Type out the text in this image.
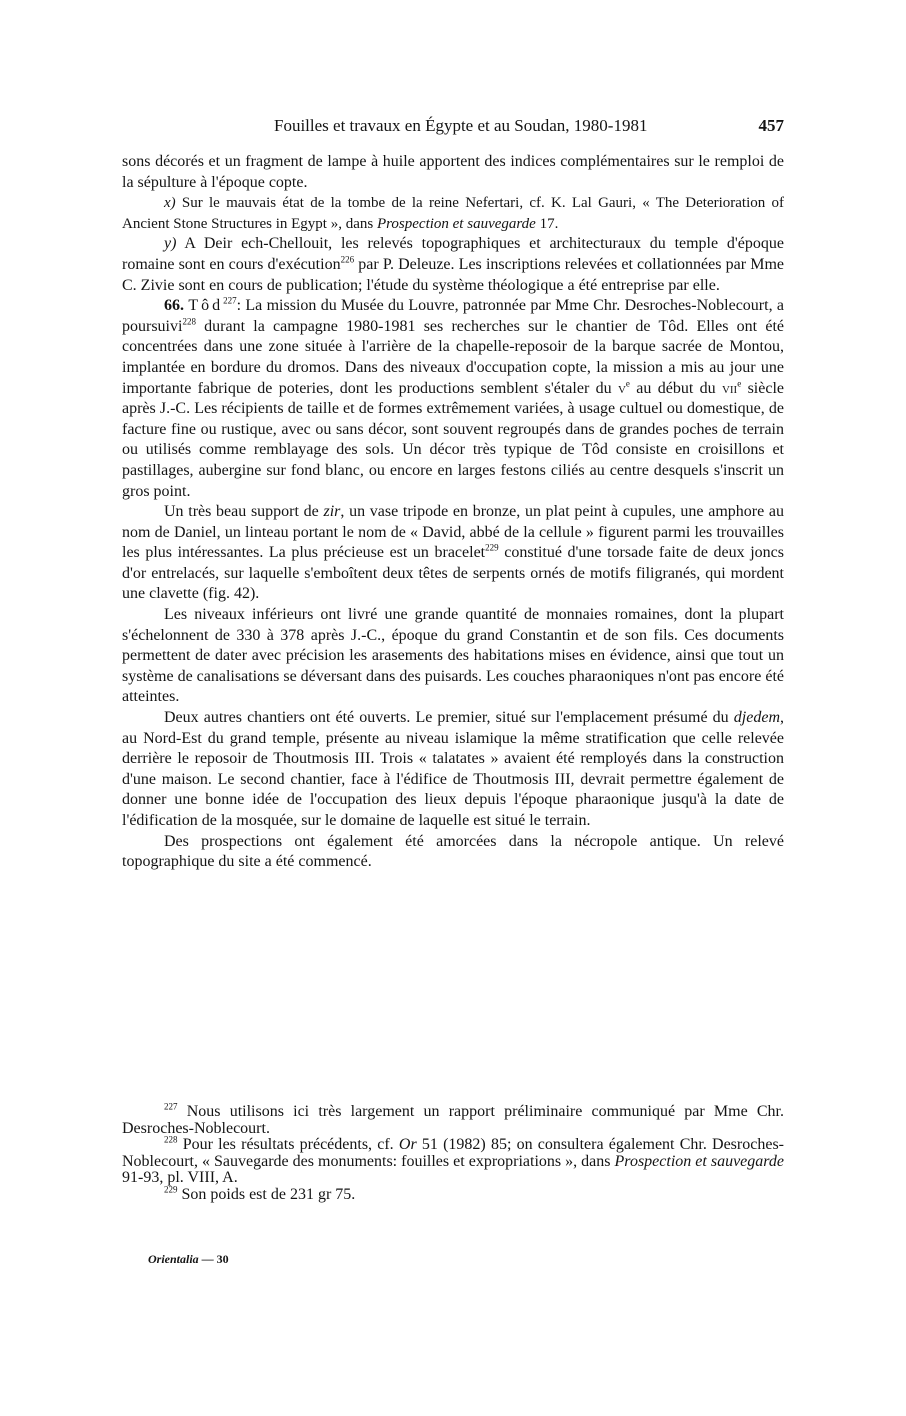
Fouilles et travaux en Égypte et au Soudan, 1980-1981	457

sons décorés et un fragment de lampe à huile apportent des indices complémentaires sur le remploi de la sépulture à l'époque copte.

x) Sur le mauvais état de la tombe de la reine Nefertari, cf. K. Lal Gauri, « The Deterioration of Ancient Stone Structures in Egypt », dans Prospection et sauvegarde 17.

y) A Deir ech-Chellouit, les relevés topographiques et architecturaux du temple d'époque romaine sont en cours d'exécution$^{226}$ par P. Deleuze. Les inscriptions relevées et collationnées par Mme C. Zivie sont en cours de publication; l'étude du système théologique a été entreprise par elle.

66. Tôd$^{227}$: La mission du Musée du Louvre, patronnée par Mme Chr. Desroches-Noblecourt, a poursuivi$^{228}$ durant la campagne 1980-1981 ses recherches sur le chantier de Tôd. Elles ont été concentrées dans une zone située à l'arrière de la chapelle-reposoir de la barque sacrée de Montou, implantée en bordure du dromos. Dans des niveaux d'occupation copte, la mission a mis au jour une importante fabrique de poteries, dont les productions semblent s'étaler du $v^e$ au début du vii$^e$ siècle après J.-C. Les récipients de taille et de formes extrêmement variées, à usage cultuel ou domestique, de facture fine ou rustique, avec ou sans décor, sont souvent regroupés dans de grandes poches de terrain ou utilisés comme remblayage des sols. Un décor très typique de Tôd consiste en croisillons et pastillages, aubergine sur fond blanc, ou encore en larges festons ciliés au centre desquels s'inscrit un gros point.

Un très beau support de zir, un vase tripode en bronze, un plat peint à cupules, une amphore au nom de Daniel, un linteau portant le nom de « David, abbé de la cellule » figurent parmi les trouvailles les plus intéressantes. La plus précieuse est un bracelet$^{229}$ constitué d'une torsade faite de deux joncs d'or entrelacés, sur laquelle s'emboîtent deux têtes de serpents ornés de motifs filigranés, qui mordent une clavette (fig. 42).

Les niveaux inférieurs ont livré une grande quantité de monnaies romaines, dont la plupart s'échelonnent de 330 à 378 après J.-C., époque du grand Constantin et de son fils. Ces documents permettent de dater avec précision les arasements des habitations mises en évidence, ainsi que tout un système de canalisations se déversant dans des puisards. Les couches pharaoniques n'ont pas encore été atteintes.

Deux autres chantiers ont été ouverts. Le premier, situé sur l'emplacement présumé du djedem, au Nord-Est du grand temple, présente au niveau islamique la même stratification que celle relevée derrière le reposoir de Thoutmosis III. Trois « talatates » avaient été remployés dans la construction d'une maison. Le second chantier, face à l'édifice de Thoutmosis III, devrait permettre également de donner une bonne idée de l'occupation des lieux depuis l'époque pharaonique jusqu'à la date de l'édification de la mosquée, sur le domaine de laquelle est situé le terrain.

Des prospections ont également été amorcées dans la nécropole antique. Un relevé topographique du site a été commencé.

$^{227}$ Nous utilisons ici très largement un rapport préliminaire communiqué par Mme Chr. Desroches-Noblecourt.

$^{228}$ Pour les résultats précédents, cf. Or 51 (1982) 85; on consultera également Chr. Desroches-Noblecourt, « Sauvegarde des monuments: fouilles et expropriations », dans Prospection et sauvegarde 91-93, pl. VIII, A.

$^{229}$ Son poids est de 231 gr 75.

Orientalia — 30
